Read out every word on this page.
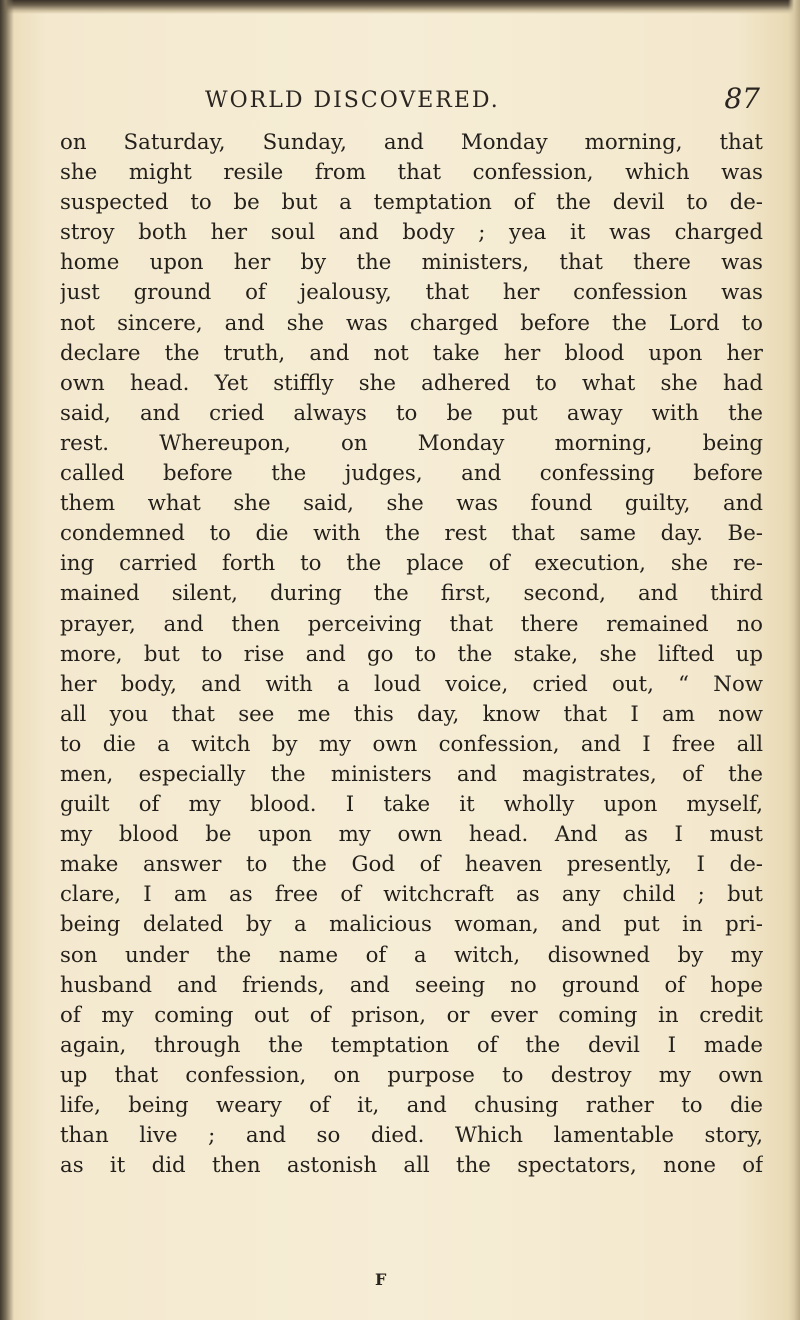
WORLD DISCOVERED.	87
on Saturday, Sunday, and Monday morning, that
she might resile from that confession, which was
suspected to be but a temptation of the devil to de-
stroy both her soul and body ; yea it was charged
home upon her by the ministers, that there was
just ground of jealousy, that her confession was
not sincere, and she was charged before the Lord to
declare the truth, and not take her blood upon her
own head. Yet stiffly she adhered to what she had
said, and cried always to be put away with the
rest. Whereupon, on Monday morning, being
called before the judges, and confessing before
them what she said, she was found guilty, and
condemned to die with the rest that same day. Be-
ing carried forth to the place of execution, she re-
mained silent, during the first, second, and third
prayer, and then perceiving that there remained no
more, but to rise and go to the stake, she lifted up
her body, and with a loud voice, cried out, “ Now
all you that see me this day, know that I am now
to die a witch by my own confession, and I free all
men, especially the ministers and magistrates, of the
guilt of my blood. I take it wholly upon myself,
my blood be upon my own head. And as I must
make answer to the God of heaven presently, I de-
clare, I am as free of witchcraft as any child ; but
being delated by a malicious woman, and put in pri-
son under the name of a witch, disowned by my
husband and friends, and seeing no ground of hope
of my coming out of prison, or ever coming in credit
again, through the temptation of the devil I made
up that confession, on purpose to destroy my own
life, being weary of it, and chusing rather to die
than live ; and so died. Which lamentable story,
as it did then astonish all the spectators, none of
F
